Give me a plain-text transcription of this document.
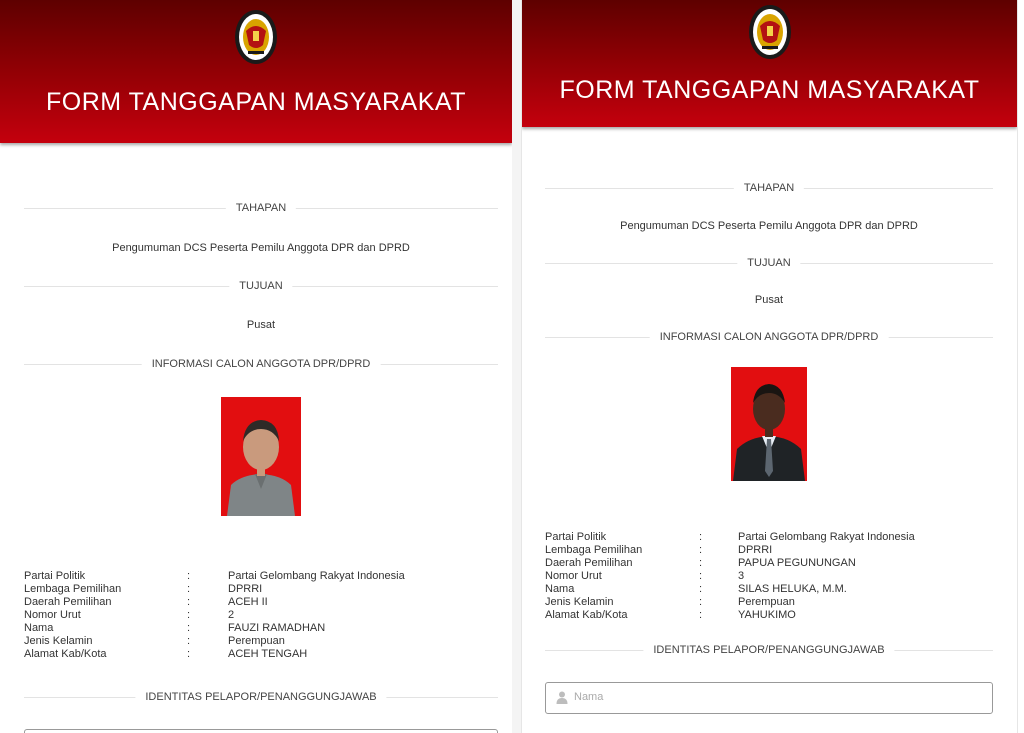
FORM TANGGAPAN MASYARAKAT
TAHAPAN
Pengumuman DCS Peserta Pemilu Anggota DPR dan DPRD
TUJUAN
Pusat
INFORMASI CALON ANGGOTA DPR/DPRD
Partai Politik	:	Partai Gelombang Rakyat Indonesia
Lembaga Pemilihan	:	DPRRI
Daerah Pemilihan	:	ACEH II
Nomor Urut	:	2
Nama	:	FAUZI RAMADHAN
Jenis Kelamin	:	Perempuan
Alamat Kab/Kota	:	ACEH TENGAH
IDENTITAS PELAPOR/PENANGGUNGJAWAB
FORM TANGGAPAN MASYARAKAT
TAHAPAN
Pengumuman DCS Peserta Pemilu Anggota DPR dan DPRD
TUJUAN
Pusat
INFORMASI CALON ANGGOTA DPR/DPRD
Partai Politik	:	Partai Gelombang Rakyat Indonesia
Lembaga Pemilihan	:	DPRRI
Daerah Pemilihan	:	PAPUA PEGUNUNGAN
Nomor Urut	:	3
Nama	:	SILAS HELUKA, M.M.
Jenis Kelamin	:	Perempuan
Alamat Kab/Kota	:	YAHUKIMO
IDENTITAS PELAPOR/PENANGGUNGJAWAB
Nama
